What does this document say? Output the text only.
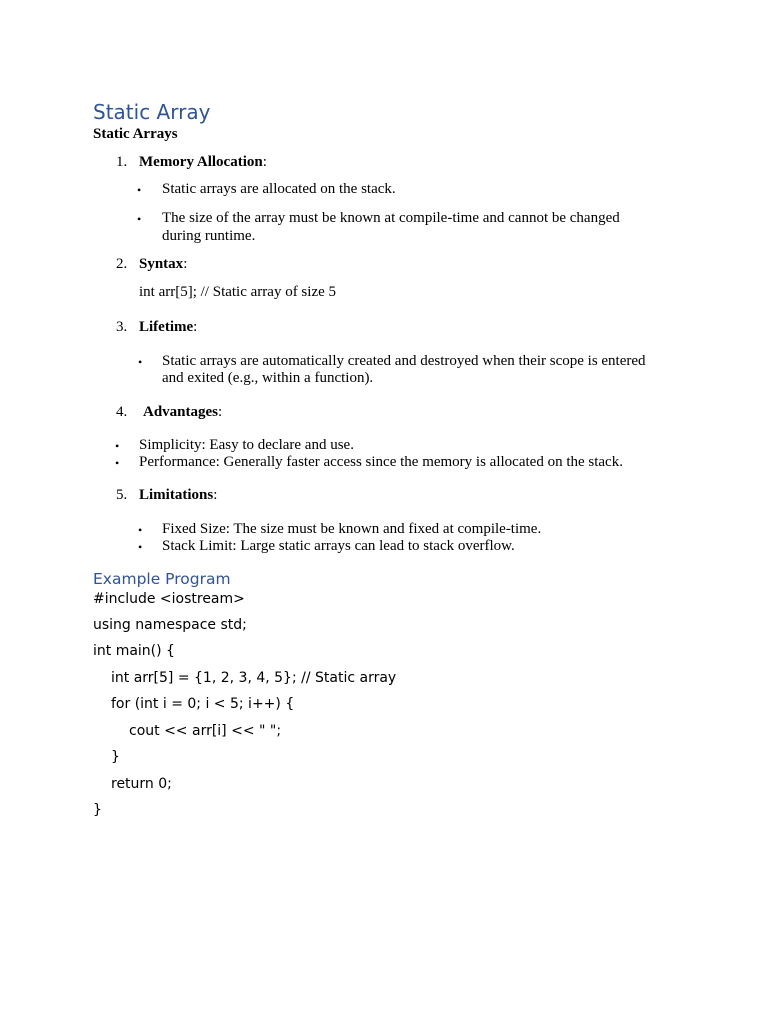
Static Array
Static Arrays
1. Memory Allocation:
• Static arrays are allocated on the stack.
• The size of the array must be known at compile-time and cannot be changed
during runtime.
2. Syntax:
int arr[5]; // Static array of size 5
3. Lifetime:
• Static arrays are automatically created and destroyed when their scope is entered
and exited (e.g., within a function).
4. Advantages:
• Simplicity: Easy to declare and use.
• Performance: Generally faster access since the memory is allocated on the stack.
5. Limitations:
• Fixed Size: The size must be known and fixed at compile-time.
• Stack Limit: Large static arrays can lead to stack overflow.
Example Program
#include <iostream>
using namespace std;
int main() {
int arr[5] = {1, 2, 3, 4, 5}; // Static array
for (int i = 0; i < 5; i++) {
cout << arr[i] << " ";
}
return 0;
}
